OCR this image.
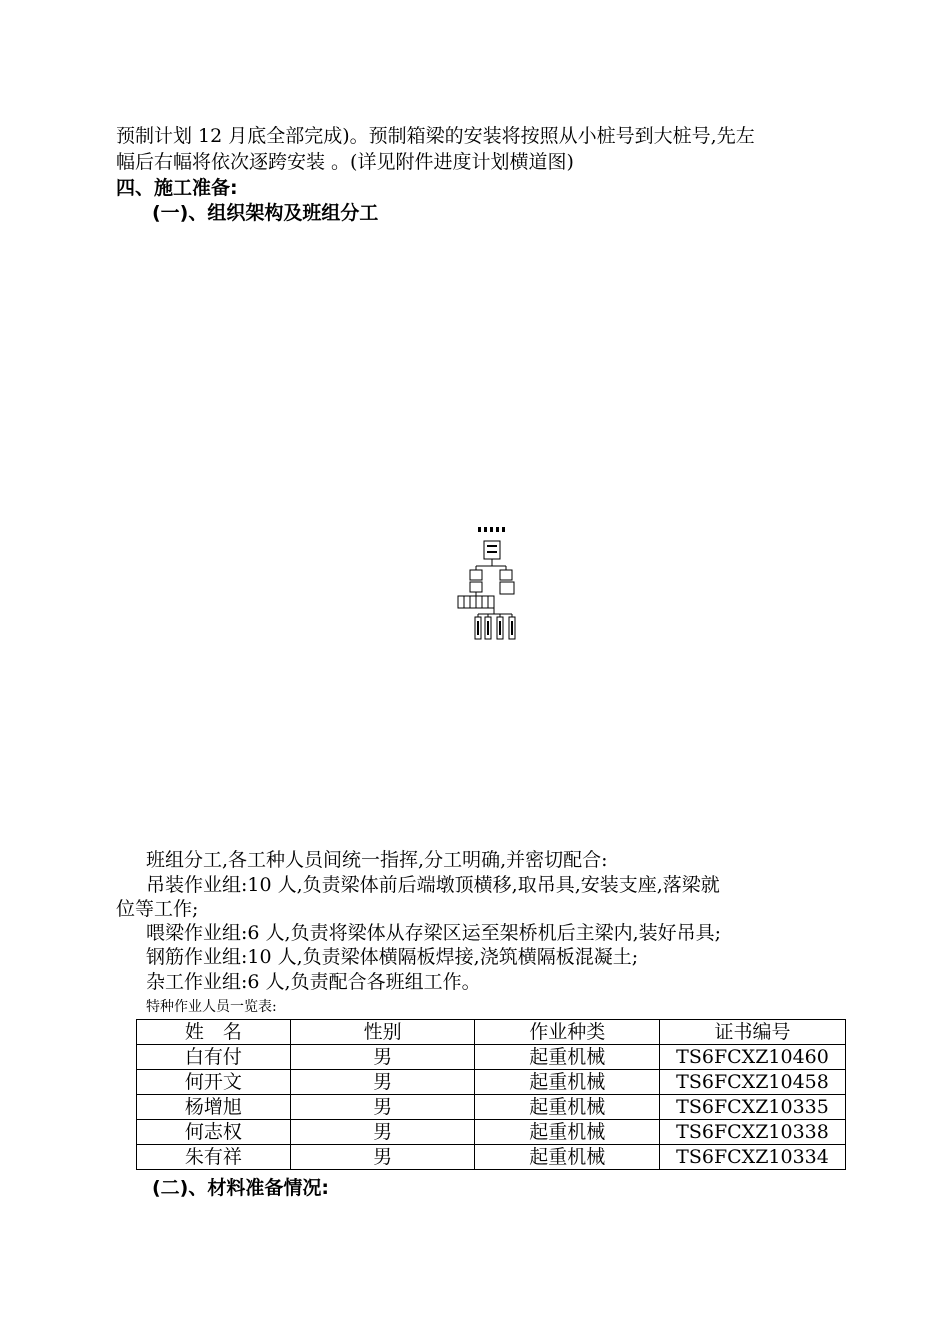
预制计划 12 月底全部完成)。预制箱梁的安装将按照从小桩号到大桩号,先左
幅后右幅将依次逐跨安装 。(详见附件进度计划横道图)
四、施工准备:
(一)、组织架构及班组分工
班组分工,各工种人员间统一指挥,分工明确,并密切配合:
吊装作业组:10 人,负责梁体前后端墩顶横移,取吊具,安装支座,落梁就
位等工作;
喂梁作业组:6 人,负责将梁体从存梁区运至架桥机后主梁内,装好吊具;
钢筋作业组:10 人,负责梁体横隔板焊接,浇筑横隔板混凝土;
杂工作业组:6 人,负责配合各班组工作。
特种作业人员一览表:
姓　名	性别	作业种类	证书编号
白有付	男	起重机械	TS6FCXZ10460
何开文	男	起重机械	TS6FCXZ10458
杨增旭	男	起重机械	TS6FCXZ10335
何志权	男	起重机械	TS6FCXZ10338
朱有祥	男	起重机械	TS6FCXZ10334
(二)、材料准备情况:
